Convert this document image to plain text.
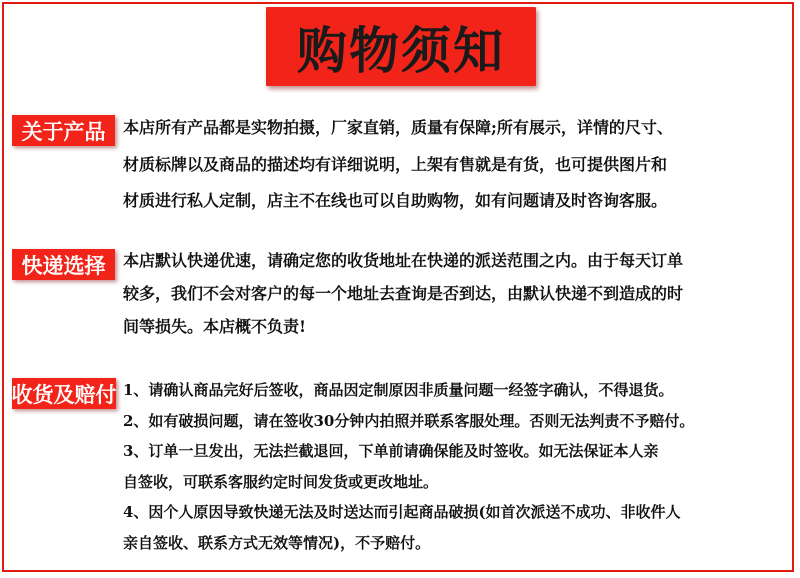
购物须知
关于产品 本店所有产品都是实物拍摄，厂家直销，质量有保障;所有展示，详情的尺寸、
材质标牌以及商品的描述均有详细说明，上架有售就是有货，也可提供图片和
材质进行私人定制，店主不在线也可以自助购物，如有问题请及时咨询客服。
快递选择 本店默认快递优速，请确定您的收货地址在快递的派送范围之内。由于每天订单
较多，我们不会对客户的每一个地址去查询是否到达，由默认快递不到造成的时
间等损失。本店概不负责!
收货及赔付 1、请确认商品完好后签收，商品因定制原因非质量问题一经签字确认，不得退货。
2、如有破损问题，请在签收30分钟内拍照并联系客服处理。否则无法判责不予赔付。
3、订单一旦发出，无法拦截退回，下单前请确保能及时签收。如无法保证本人亲
自签收，可联系客服约定时间发货或更改地址。
4、因个人原因导致快递无法及时送达而引起商品破损(如首次派送不成功、非收件人
亲自签收、联系方式无效等情况)，不予赔付。
